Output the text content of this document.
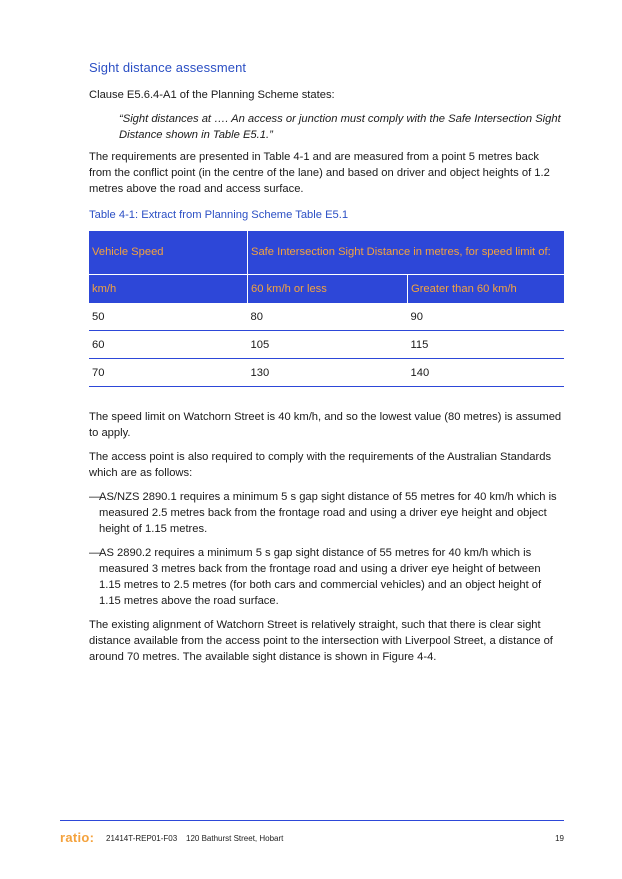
Sight distance assessment

Clause E5.6.4-A1 of the Planning Scheme states:

“Sight distances at …. An access or junction must comply with the Safe Intersection Sight Distance shown in Table E5.1.”

The requirements are presented in Table 4-1 and are measured from a point 5 metres back from the conflict point (in the centre of the lane) and based on driver and object heights of 1.2 metres above the road and access surface.

Table 4-1: Extract from Planning Scheme Table E5.1
Vehicle Speed	Safe Intersection Sight Distance in metres, for speed limit of:	
km/h	60 km/h or less	Greater than 60 km/h
50	80	90
60	105	115
70	130	140

The speed limit on Watchorn Street is 40 km/h, and so the lowest value (80 metres) is assumed to apply.

The access point is also required to comply with the requirements of the Australian Standards which are as follows:

—
AS/NZS 2890.1 requires a minimum 5 s gap sight distance of 55 metres for 40 km/h which is measured 2.5 metres back from the frontage road and using a driver eye height and object height of 1.15 metres.
—
AS 2890.2 requires a minimum 5 s gap sight distance of 55 metres for 40 km/h which is measured 3 metres back from the frontage road and using a driver eye height of between 1.15 metres to 2.5 metres (for both cars and commercial vehicles) and an object height of 1.15 metres above the road surface.

The existing alignment of Watchorn Street is relatively straight, such that there is clear sight distance available from the access point to the intersection with Liverpool Street, a distance of around 70 metres. The available sight distance is shown in Figure 4-4.

ratio: 21414T-REP01-F03 120 Bathurst Street, Hobart	19
